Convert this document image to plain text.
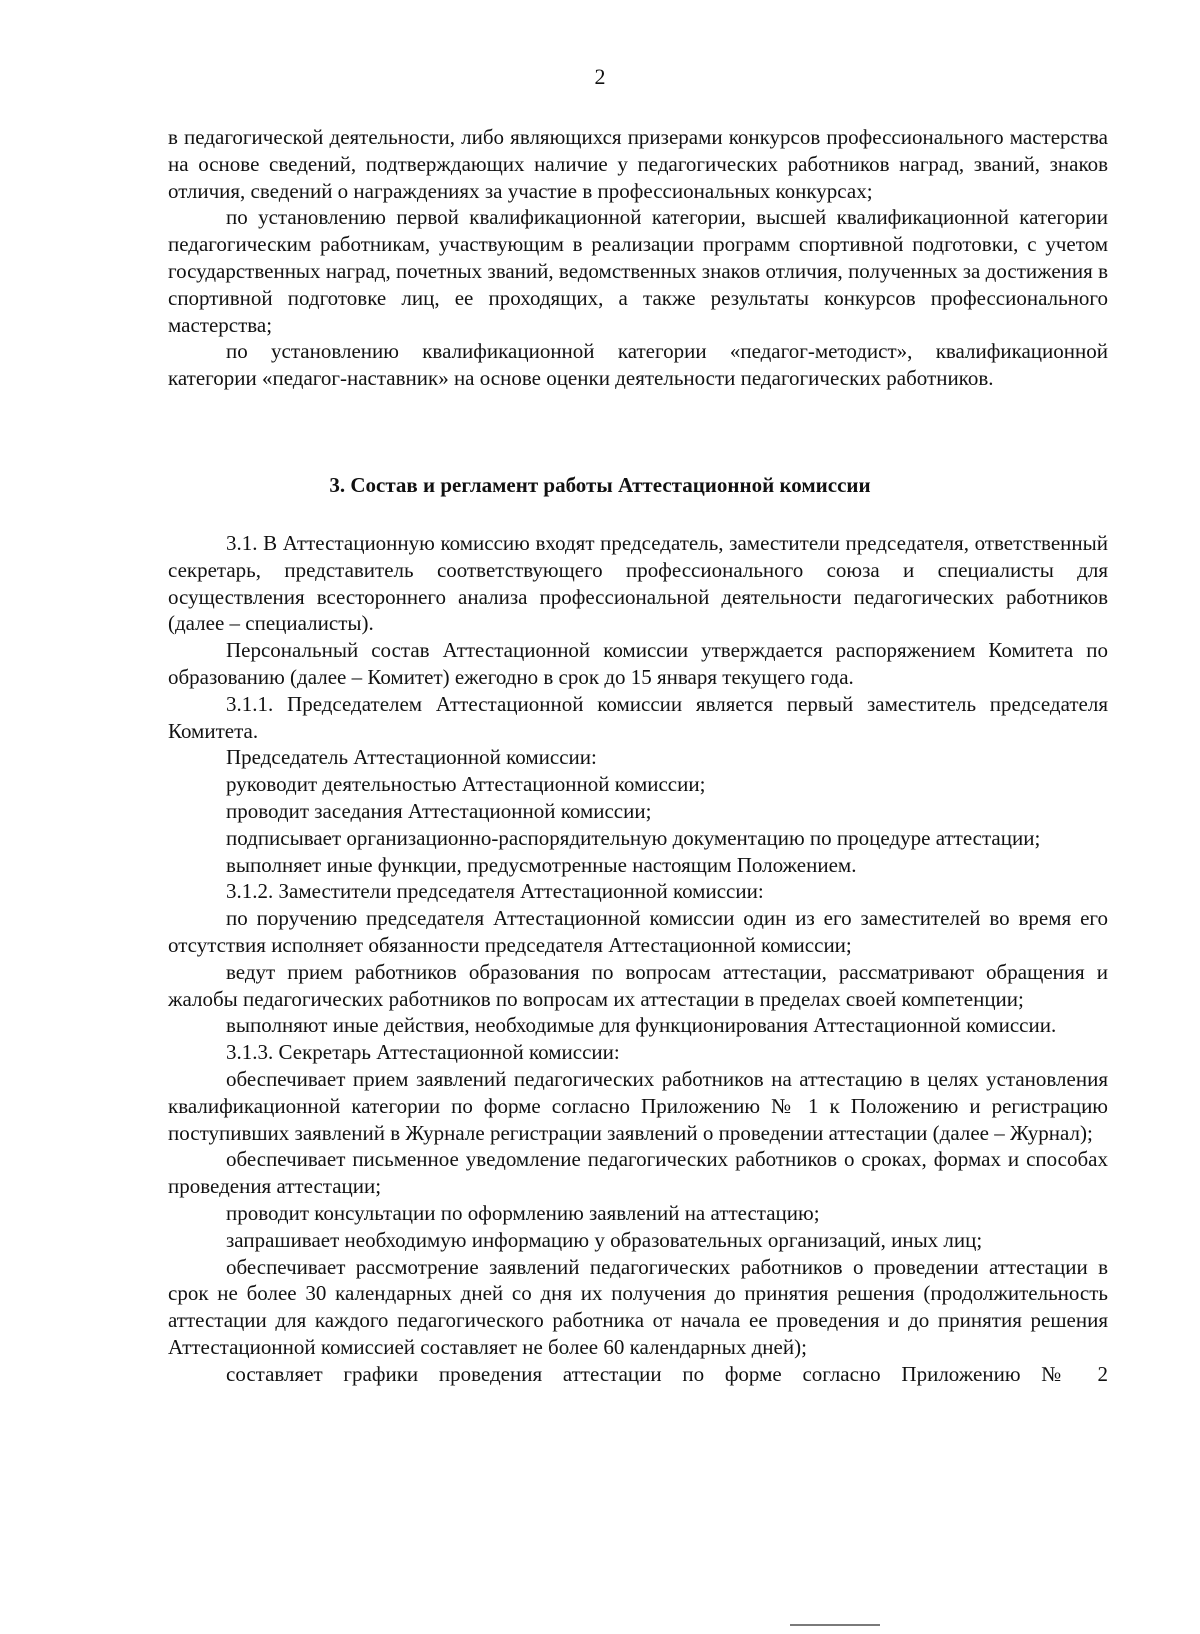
2

в педагогической деятельности, либо являющихся призерами конкурсов профессионального мастерства на основе сведений, подтверждающих наличие у педагогических работников наград, званий, знаков отличия, сведений о награждениях за участие в профессиональных конкурсах;

по установлению первой квалификационной категории, высшей квалификационной категории педагогическим работникам, участвующим в реализации программ спортивной подготовки, с учетом государственных наград, почетных званий, ведомственных знаков отличия, полученных за достижения в спортивной подготовке лиц, ее проходящих, а также результаты конкурсов профессионального мастерства;

по установлению квалификационной категории «педагог-методист», квалификационной категории «педагог-наставник» на основе оценки деятельности педагогических работников.

3. Состав и регламент работы Аттестационной комиссии

3.1. В Аттестационную комиссию входят председатель, заместители председателя, ответственный секретарь, представитель соответствующего профессионального союза и специалисты для осуществления всестороннего анализа профессиональной деятельности педагогических работников (далее – специалисты).

Персональный состав Аттестационной комиссии утверждается распоряжением Комитета по образованию (далее – Комитет) ежегодно в срок до 15 января текущего года.

3.1.1. Председателем Аттестационной комиссии является первый заместитель председателя Комитета.

Председатель Аттестационной комиссии:

руководит деятельностью Аттестационной комиссии;

проводит заседания Аттестационной комиссии;

подписывает организационно-распорядительную документацию по процедуре аттестации;

выполняет иные функции, предусмотренные настоящим Положением.

3.1.2. Заместители председателя Аттестационной комиссии:

по поручению председателя Аттестационной комиссии один из его заместителей во время его отсутствия исполняет обязанности председателя Аттестационной комиссии;

ведут прием работников образования по вопросам аттестации, рассматривают обращения и жалобы педагогических работников по вопросам их аттестации в пределах своей компетенции;

выполняют иные действия, необходимые для функционирования Аттестационной комиссии.

3.1.3. Секретарь Аттестационной комиссии:

обеспечивает прием заявлений педагогических работников на аттестацию в целях установления квалификационной категории по форме согласно Приложению № 1 к Положению и регистрацию поступивших заявлений в Журнале регистрации заявлений о проведении аттестации (далее – Журнал);

обеспечивает письменное уведомление педагогических работников о сроках, формах и способах проведения аттестации;

проводит консультации по оформлению заявлений на аттестацию;

запрашивает необходимую информацию у образовательных организаций, иных лиц;

обеспечивает рассмотрение заявлений педагогических работников о проведении аттестации в срок не более 30 календарных дней со дня их получения до принятия решения (продолжительность аттестации для каждого педагогического работника от начала ее проведения и до принятия решения Аттестационной комиссией составляет не более 60 календарных дней);

составляет графики проведения аттестации по форме согласно Приложению № 2
